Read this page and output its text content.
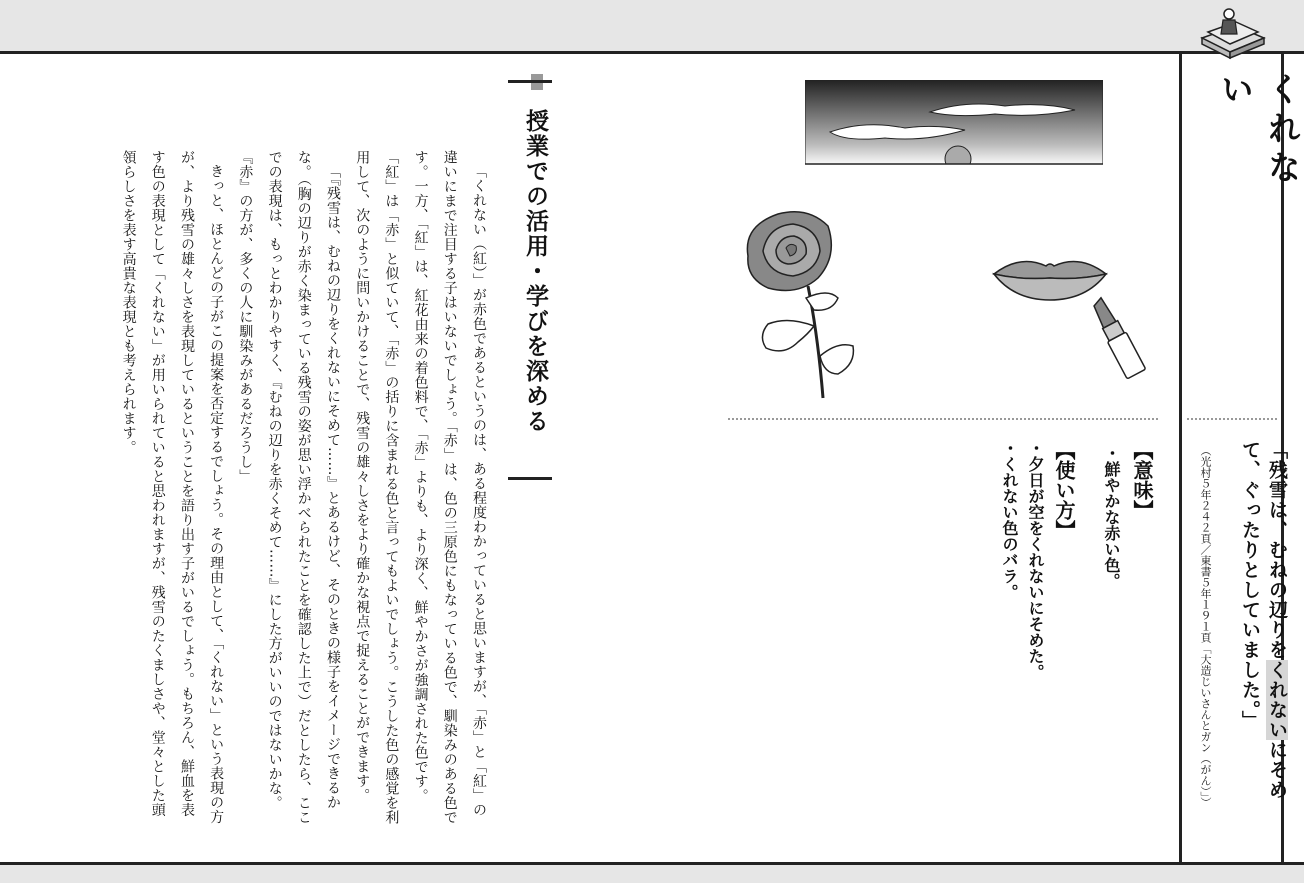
くれない
「残雪は、むねの辺りをくれないにそめて、ぐったりとしていました。」
（光村５年２４２頁／東書５年１９１頁「大造じいさんとガン（がん）」）
【意味】
・鮮やかな赤い色。
【使い方】
・夕日が空をくれないにそめた。
・くれない色のバラ。
授業での活用・学びを深める

「くれない（紅）」が赤色であるというのは、ある程度わかっていると思いますが、「赤」と「紅」の違いにまで注目する子はいないでしょう。「赤」は、色の三原色にもなっている色で、馴染みのある色です。一方、「紅」は、紅花由来の着色料で、「赤」よりも、より深く、鮮やかさが強調された色です。「紅」は「赤」と似ていて、「赤」の括りに含まれる色と言ってもよいでしょう。こうした色の感覚を利用して、次のように問いかけることで、残雪の雄々しさをより確かな視点で捉えることができます。

「『残雪は、むねの辺りをくれないにそめて……』とあるけど、そのときの様子をイメージできるかな。（胸の辺りが赤く染まっている残雪の姿が思い浮かべられたことを確認した上で）だとしたら、ここでの表現は、もっとわかりやすく、『むねの辺りを赤くそめて……』にした方がいいのではないかな。『赤』の方が、多くの人に馴染みがあるだろうし」

きっと、ほとんどの子がこの提案を否定するでしょう。その理由として、「くれない」という表現の方が、より残雪の雄々しさを表現しているということを語り出す子がいるでしょう。もちろん、鮮血を表す色の表現として「くれない」が用いられていると思われますが、残雪のたくましさや、堂々とした頭領らしさを表す高貴な表現とも考えられます。
